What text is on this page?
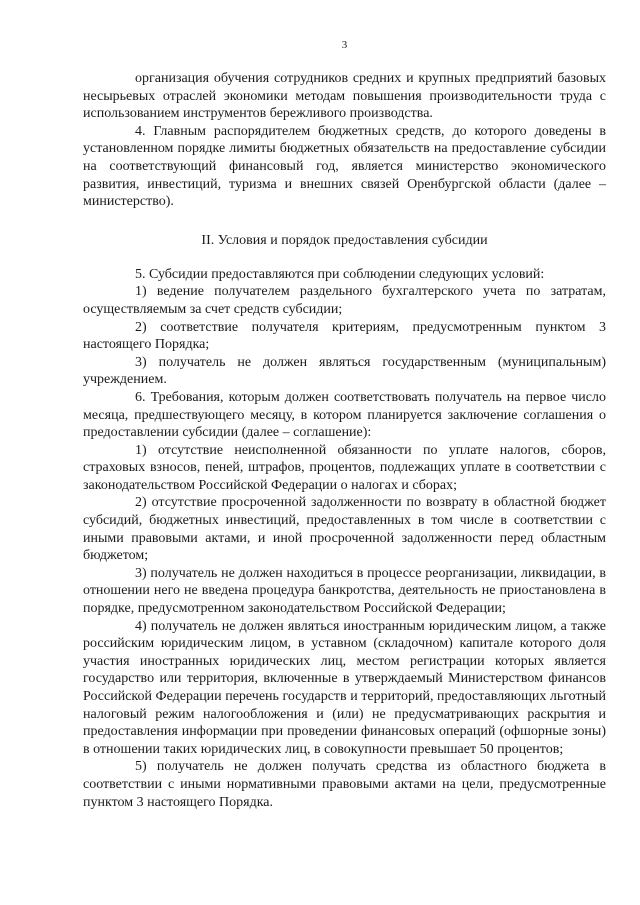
3

организация обучения сотрудников средних и крупных предприятий базовых несырьевых отраслей экономики методам повышения производительности труда с использованием инструментов бережливого производства.

4. Главным распорядителем бюджетных средств, до которого доведены в установленном порядке лимиты бюджетных обязательств на предоставление субсидии на соответствующий финансовый год, является министерство экономического развития, инвестиций, туризма и внешних связей Оренбургской области (далее – министерство).

II. Условия и порядок предоставления субсидии

5. Субсидии предоставляются при соблюдении следующих условий:

1) ведение получателем раздельного бухгалтерского учета по затратам, осуществляемым за счет средств субсидии;

2) соответствие получателя критериям, предусмотренным пунктом 3 настоящего Порядка;

3) получатель не должен являться государственным (муниципальным) учреждением.

6. Требования, которым должен соответствовать получатель на первое число месяца, предшествующего месяцу, в котором планируется заключение соглашения о предоставлении субсидии (далее – соглашение):

1) отсутствие неисполненной обязанности по уплате налогов, сборов, страховых взносов, пеней, штрафов, процентов, подлежащих уплате в соответствии с законодательством Российской Федерации о налогах и сборах;

2) отсутствие просроченной задолженности по возврату в областной бюджет субсидий, бюджетных инвестиций, предоставленных в том числе в соответствии с иными правовыми актами, и иной просроченной задолженности перед областным бюджетом;

3) получатель не должен находиться в процессе реорганизации, ликвидации, в отношении него не введена процедура банкротства, деятельность не приостановлена в порядке, предусмотренном законодательством Российской Федерации;

4) получатель не должен являться иностранным юридическим лицом, а также российским юридическим лицом, в уставном (складочном) капитале которого доля участия иностранных юридических лиц, местом регистрации которых является государство или территория, включенные в утверждаемый Министерством финансов Российской Федерации перечень государств и территорий, предоставляющих льготный налоговый режим налогообложения и (или) не предусматривающих раскрытия и предоставления информации при проведении финансовых операций (офшорные зоны) в отношении таких юридических лиц, в совокупности превышает 50 процентов;

5) получатель не должен получать средства из областного бюджета в соответствии с иными нормативными правовыми актами на цели, предусмотренные пунктом 3 настоящего Порядка.
